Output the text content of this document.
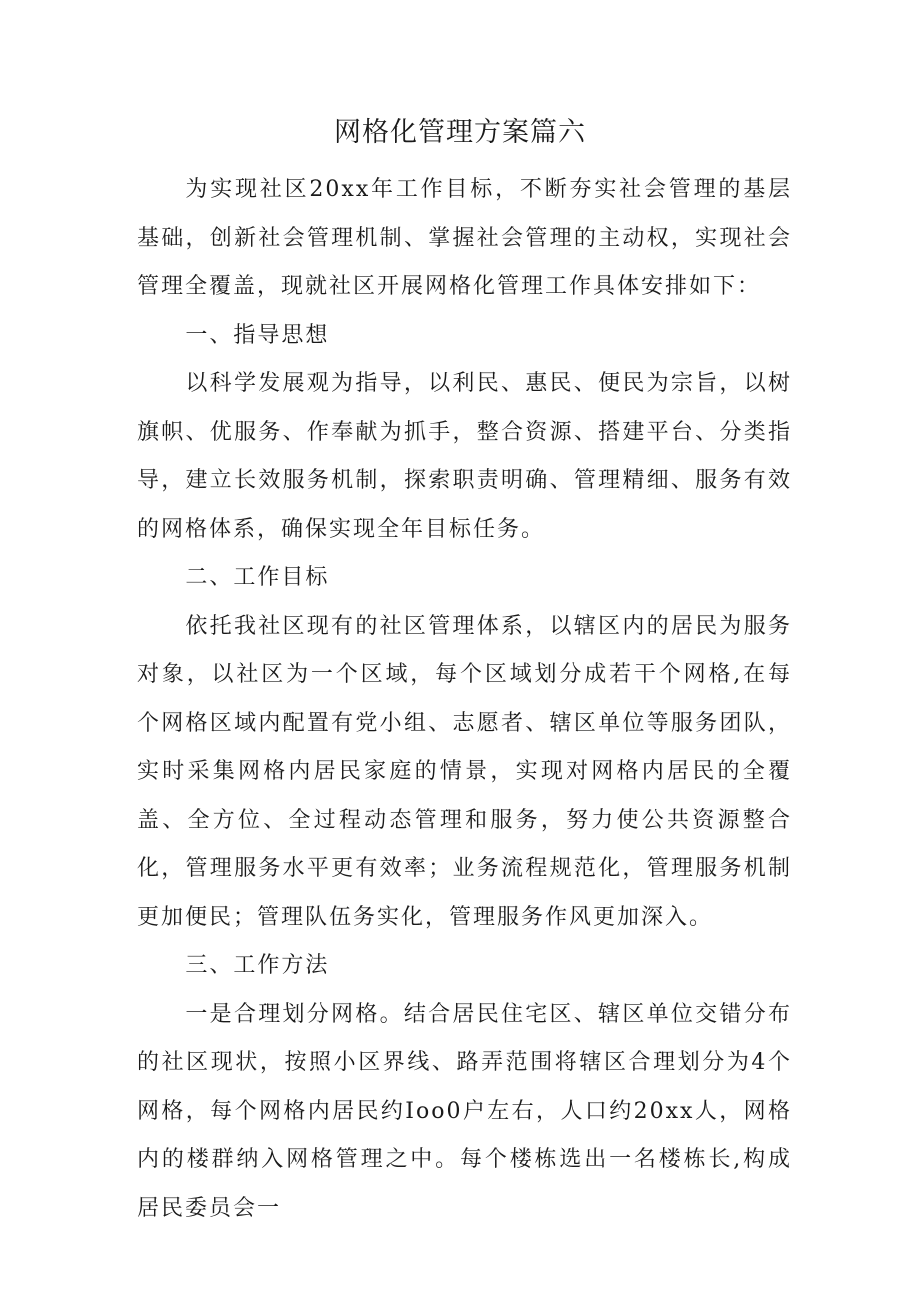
网格化管理方案篇六

为实现社区20xx年工作目标，不断夯实社会管理的基层基础，创新社会管理机制、掌握社会管理的主动权，实现社会管理全覆盖，现就社区开展网格化管理工作具体安排如下：

一、指导思想

以科学发展观为指导，以利民、惠民、便民为宗旨，以树旗帜、优服务、作奉献为抓手，整合资源、搭建平台、分类指导，建立长效服务机制，探索职责明确、管理精细、服务有效的网格体系，确保实现全年目标任务。

二、工作目标

依托我社区现有的社区管理体系，以辖区内的居民为服务对象，以社区为一个区域，每个区域划分成若干个网格,在每个网格区域内配置有党小组、志愿者、辖区单位等服务团队，实时采集网格内居民家庭的情景，实现对网格内居民的全覆盖、全方位、全过程动态管理和服务，努力使公共资源整合化，管理服务水平更有效率；业务流程规范化，管理服务机制更加便民；管理队伍务实化，管理服务作风更加深入。

三、工作方法

一是合理划分网格。结合居民住宅区、辖区单位交错分布的社区现状，按照小区界线、路弄范围将辖区合理划分为4个网格，每个网格内居民约Ioo0户左右，人口约20xx人，网格内的楼群纳入网格管理之中。每个楼栋选出一名楼栋长,构成居民委员会一
